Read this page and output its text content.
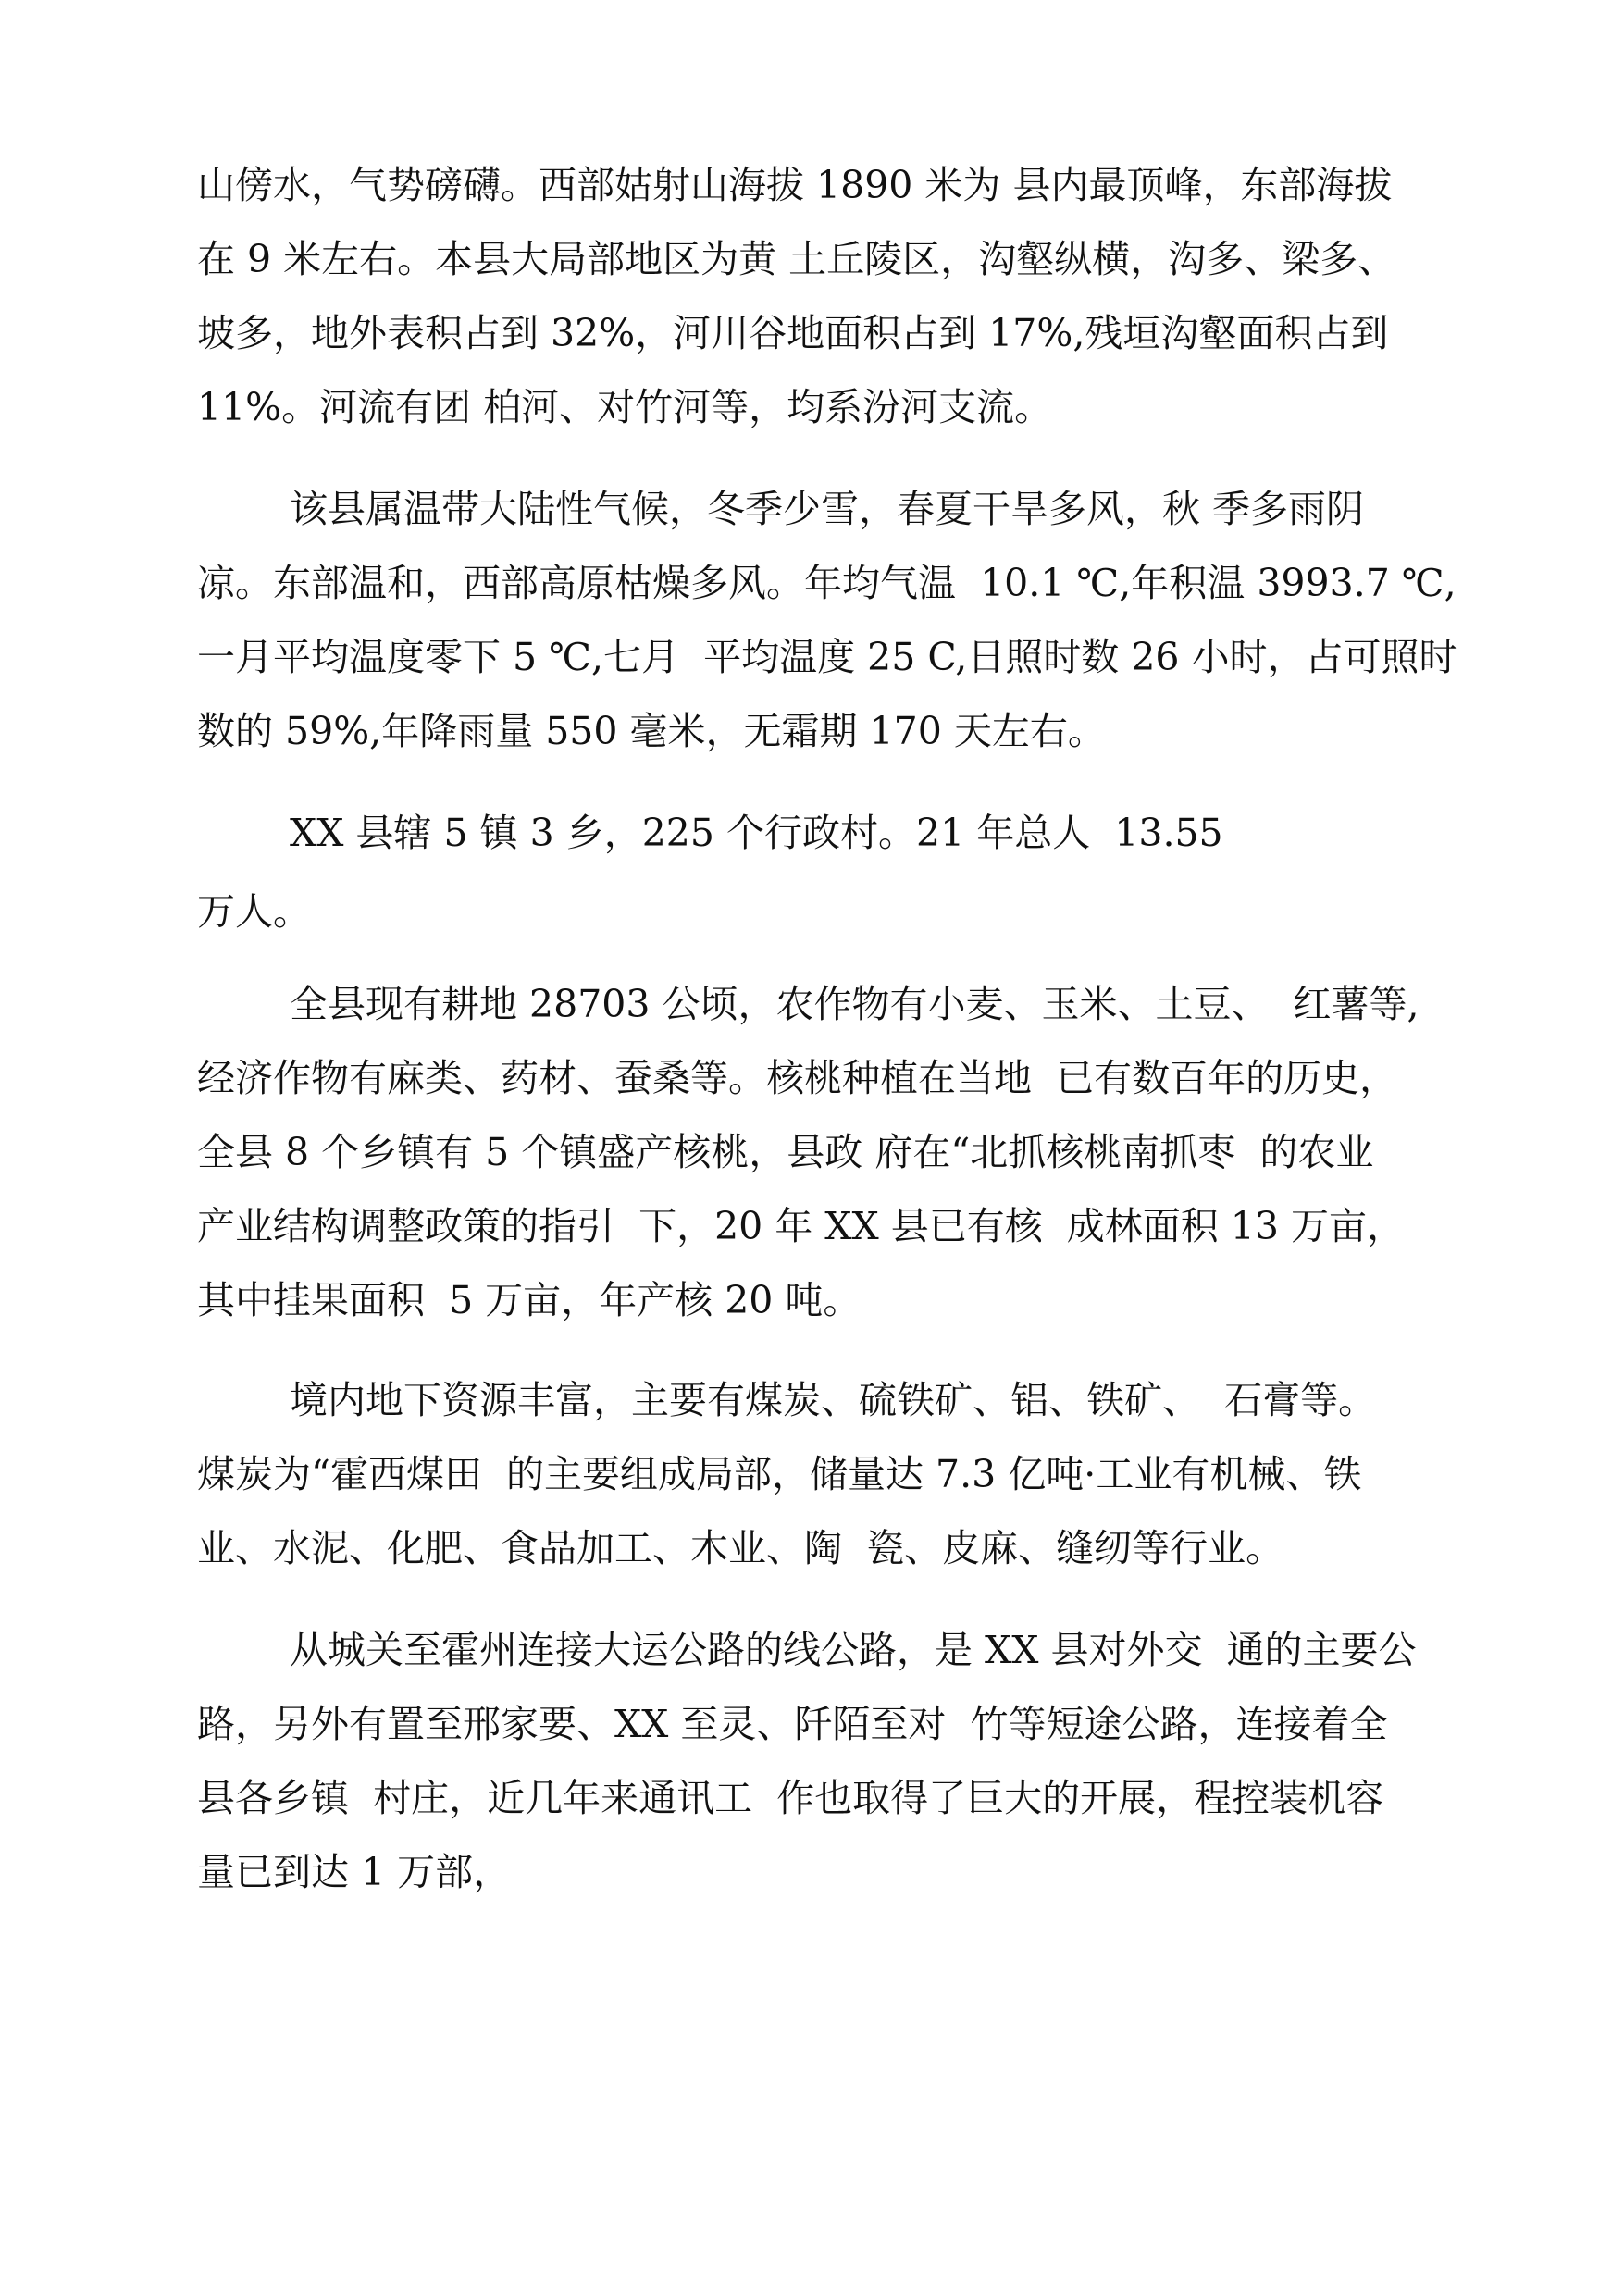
山傍水，气势磅礴。西部姑射山海拔 1890 米为 县内最顶峰，东部海拔

在 9 米左右。本县大局部地区为黄 土丘陵区，沟壑纵横，沟多、梁多、

坡多，地外表积占到 32%，河川谷地面积占到 17%,残垣沟壑面积占到

11%。河流有团 柏河、对竹河等，均系汾河支流。

该县属温带大陆性气候，冬季少雪，春夏干旱多风，秋 季多雨阴

凉。东部温和，西部高原枯燥多风。年均气温  10.1 ℃,年积温 3993.7 ℃,

一月平均温度零下 5 ℃,七月  平均温度 25 C,日照时数 26 小时，占可照时

数的 59%,年降雨量 550 毫米，无霜期 170 天左右。

XX 县辖 5 镇 3 乡，225 个行政村。21 年总人  13.55

万人。

全县现有耕地 28703 公顷，农作物有小麦、玉米、土豆、  红薯等,

经济作物有麻类、药材、蚕桑等。核桃种植在当地  已有数百年的历史，

全县 8 个乡镇有 5 个镇盛产核桃，县政 府在“北抓核桃南抓枣  的农业

产业结构调整政策的指引  下，20 年 XX 县已有核  成林面积 13 万亩，

其中挂果面积  5 万亩，年产核 20 吨。

境内地下资源丰富，主要有煤炭、硫铁矿、铝、铁矿、  石膏等。

煤炭为“霍西煤田  的主要组成局部，储量达 7.3 亿吨·工业有机械、铁

业、水泥、化肥、食品加工、木业、陶  瓷、皮麻、缝纫等行业。

从城关至霍州连接大运公路的线公路，是 XX 县对外交  通的主要公

路，另外有置至邢家要、XX 至灵、阡陌至对  竹等短途公路，连接着全

县各乡镇  村庄，近几年来通讯工  作也取得了巨大的开展，程控装机容

量已到达 1 万部，
